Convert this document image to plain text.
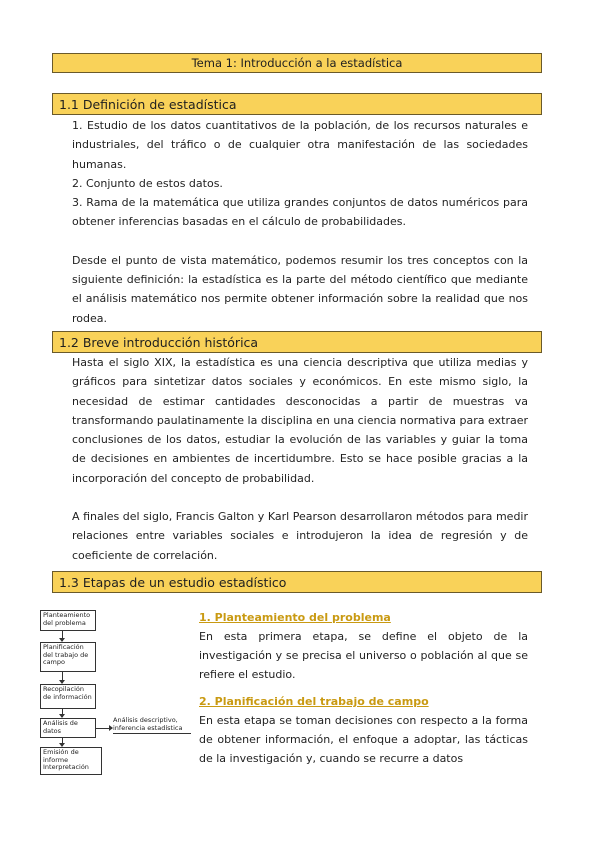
Tema 1: Introducción a la estadística
1.1 Definición de estadística

1. Estudio de los datos cuantitativos de la población, de los recursos naturales e industriales, del tráfico o de cualquier otra manifestación de las sociedades humanas.

2. Conjunto de estos datos.

3. Rama de la matemática que utiliza grandes conjuntos de datos numéricos para obtener inferencias basadas en el cálculo de probabilidades.

Desde el punto de vista matemático, podemos resumir los tres conceptos con la siguiente definición: la estadística es la parte del método científico que mediante el análisis matemático nos permite obtener información sobre la realidad que nos rodea.

1.2 Breve introducción histórica

Hasta el siglo XIX, la estadística es una ciencia descriptiva que utiliza medias y gráficos para sintetizar datos sociales y económicos. En este mismo siglo, la necesidad de estimar cantidades desconocidas a partir de muestras va transformando paulatinamente la disciplina en una ciencia normativa para extraer conclusiones de los datos, estudiar la evolución de las variables y guiar la toma de decisiones en ambientes de incertidumbre. Esto se hace posible gracias a la incorporación del concepto de probabilidad.

A finales del siglo, Francis Galton y Karl Pearson desarrollaron métodos para medir relaciones entre variables sociales e introdujeron la idea de regresión y de coeficiente de correlación.

1.3 Etapas de un estudio estadístico
Planteamiento del problema
Planificación del trabajo de campo
Recopilación de información
Análisis de datos
Análisis descriptivo, inferencia estadística
Emisión de informe Interpretación

1. Planteamiento del problema

En esta primera etapa, se define el objeto de la investigación y se precisa el universo o población al que se refiere el estudio.

2. Planificación del trabajo de campo

En esta etapa se toman decisiones con respecto a la forma de obtener información, el enfoque a adoptar, las tácticas de la investigación y, cuando se recurre a datos
